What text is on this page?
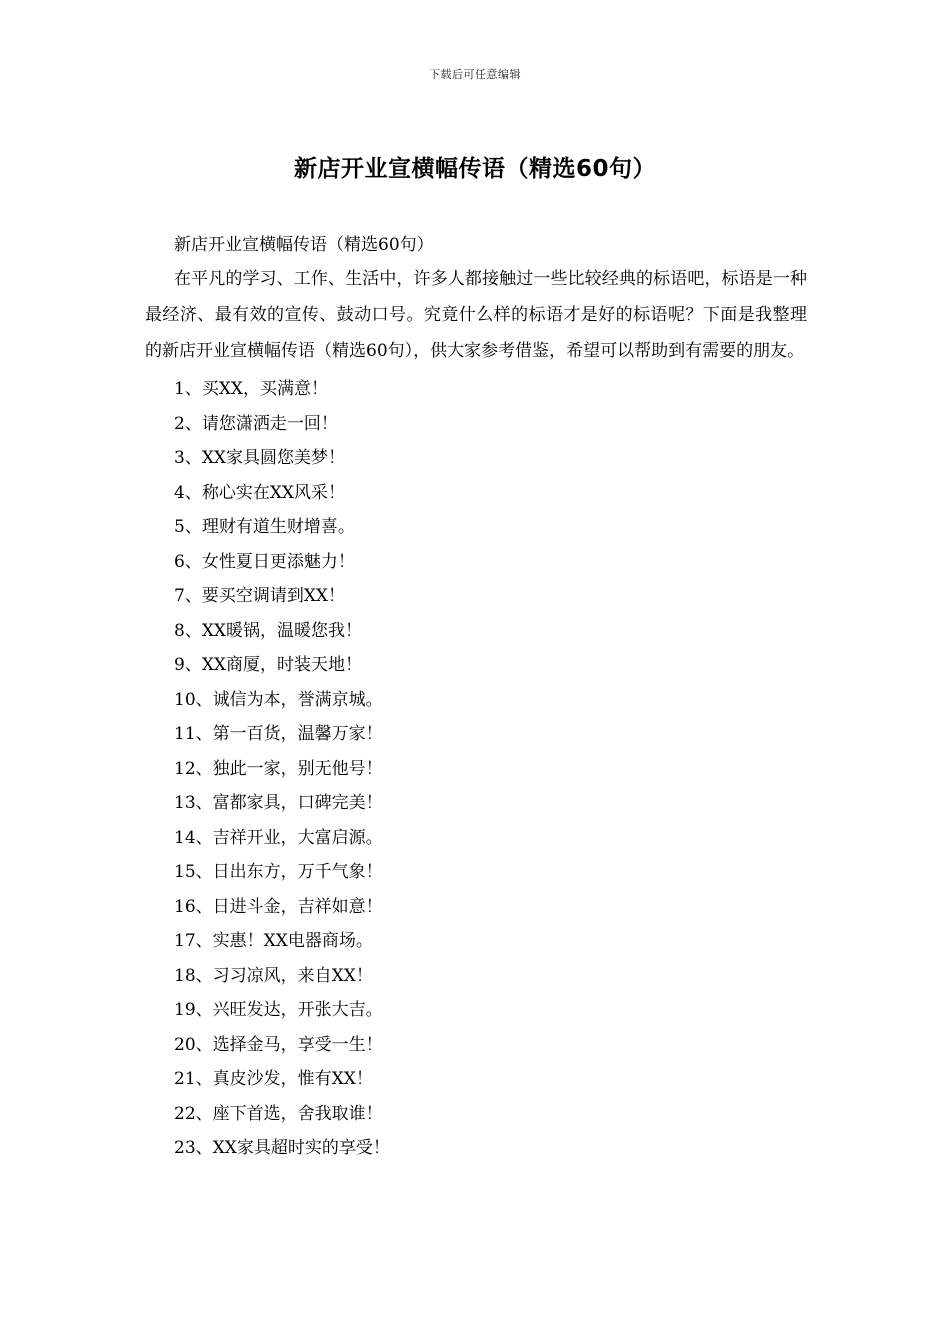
下载后可任意编辑
新店开业宣横幅传语（精选60句）
新店开业宣横幅传语（精选60句）

在平凡的学习、工作、生活中，许多人都接触过一些比较经典的标语吧，标语是一种最经济、最有效的宣传、鼓动口号。究竟什么样的标语才是好的标语呢？下面是我整理的新店开业宣横幅传语（精选60句），供大家参考借鉴，希望可以帮助到有需要的朋友。

1、买XX，买满意！
2、请您潇洒走一回！
3、XX家具圆您美梦！
4、称心实在XX风采！
5、理财有道生财增喜。
6、女性夏日更添魅力！
7、要买空调请到XX！
8、XX暖锅，温暖您我！
9、XX商厦，时装天地！
10、诚信为本，誉满京城。
11、第一百货，温馨万家！
12、独此一家，别无他号！
13、富都家具，口碑完美！
14、吉祥开业，大富启源。
15、日出东方，万千气象！
16、日进斗金，吉祥如意！
17、实惠！XX电器商场。
18、习习凉风，来自XX！
19、兴旺发达，开张大吉。
20、选择金马，享受一生！
21、真皮沙发，惟有XX！
22、座下首选，舍我取谁！
23、XX家具超时实的享受！
